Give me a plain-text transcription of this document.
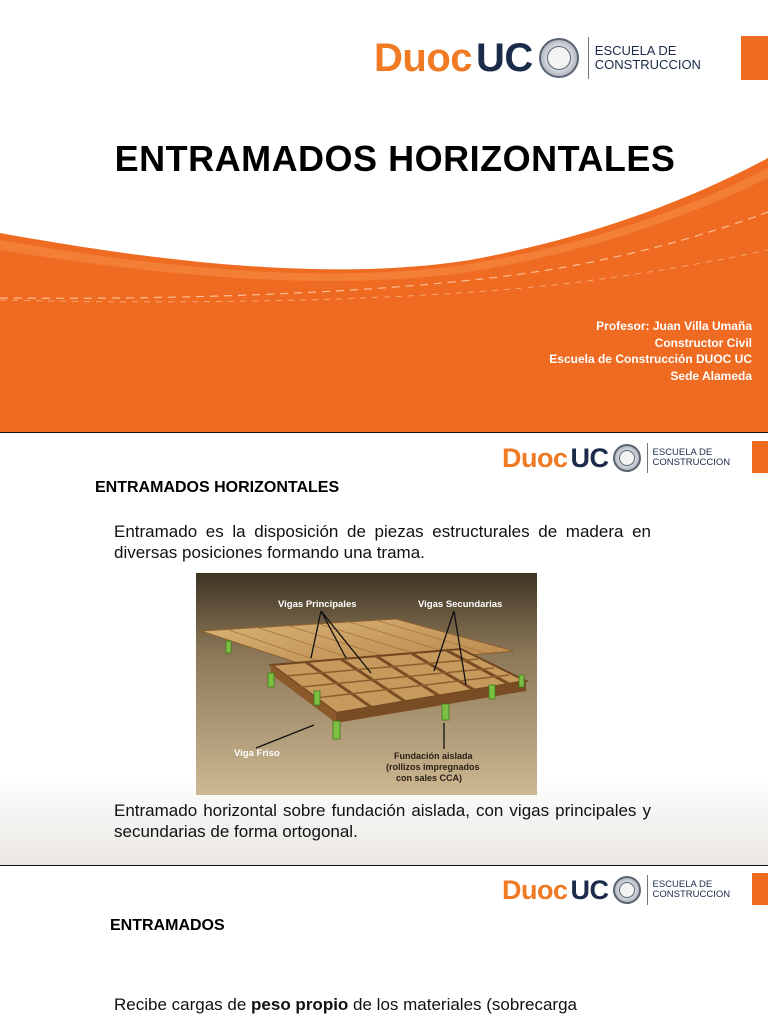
Duoc UC	ESCUELA DE
CONSTRUCCION
ENTRAMADOS HORIZONTALES
Profesor: Juan Villa Umaña
Constructor Civil
Escuela de Construcción DUOC UC
Sede Alameda
Duoc UC	ESCUELA DE
CONSTRUCCION
ENTRAMADOS HORIZONTALES
Entramado es la disposición de piezas estructurales de madera en diversas posiciones formando una trama.
Vigas Principales	Vigas Secundarias
Viga Friso	Fundación aislada
(rollizos impregnados
con sales CCA)
Entramado horizontal sobre fundación aislada, con vigas principales y secundarias de forma ortogonal.
Duoc UC	ESCUELA DE
CONSTRUCCION
ENTRAMADOS
Recibe cargas de peso propio de los materiales (sobrecarga
